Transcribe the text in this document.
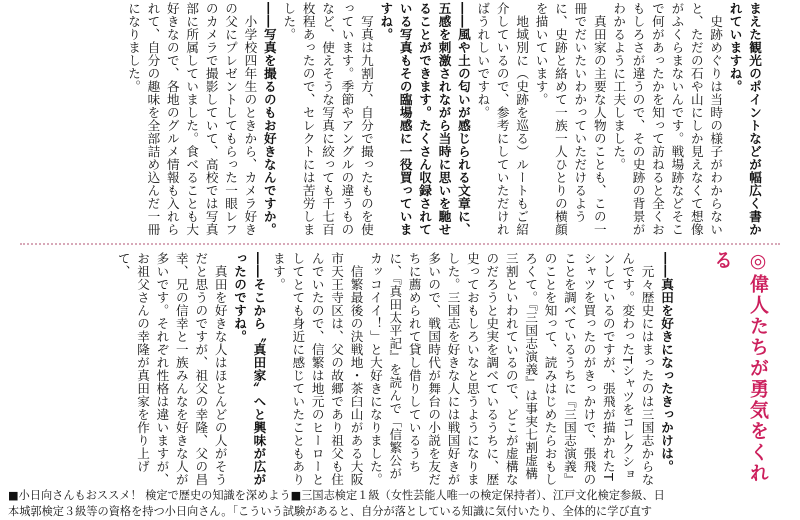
まえた観光のポイントなどが幅広く書かれていますね。

史跡めぐりは当時の様子がわからないと、ただの石や山にしか見えなくて想像がふくらまないんです。戦場跡などそこで何があったかを知って訪ねると全くおもしろさが違うので、その史跡の背景がわかるように工夫しました。

真田家の主要な人物のことも、この一冊でだいたいわかっていただけるように、史跡と絡めて一族一人ひとりの横顔を描いています。

地域別に（史跡を巡る）ルートもご紹介しているので、参考にしていただければうれしいですね。

――風や土の匂いが感じられる文章に、五感を刺激されながら当時に思いを馳せることができます。たくさん収録されている写真もその臨場感に一役買っていますね。

写真は九割方、自分で撮ったものを使っています。季節やアングルの違うものなど、使えそうな写真に絞っても千七百枚程あったので、セレクトには苦労しました。

――写真を撮るのもお好きなんですか。

小学校四年生のときから、カメラ好きの父にプレゼントしてもらった一眼レフのカメラで撮影していて、高校では写真部に所属していました。食べることも大好きなので、各地のグルメ情報も入れられて、自分の趣味を全部詰め込んだ一冊になりました。

◎偉人たちが勇気をくれる

――真田を好きになったきっかけは。

元々歴史にはまったのは三国志からなんです。変わったTシャツをコレクションしているのですが、張飛が描かれたTシャツを買ったのがきっかけで、張飛のことを調べているうちに『三国志演義』のことを知って、読みはじめたらおもしろくて。『三国志演義』は事実七割虚構三割といわれているので、どこが虚構なのだろうと史実を調べているうちに、歴史っておもしろいなと思うようになりました。三国志を好きな人には戦国好きが多いので、戦国時代が舞台の小説を友だちに薦められて貸し借りしているうちに、『真田太平記』を読んで「信繁公がカッコイイ！」と大好きになりました。

信繁最後の決戦地・茶臼山がある大阪市天王寺区は、父の故郷であり祖父も住んでいたので、信繁は地元のヒーローとしてとても身近に感じていたこともあります。

――そこから〝真田家〟へと興味が広がったのですね。

真田を好きな人はほとんどの人がそうだと思うのですが、祖父の幸隆、父の昌幸、兄の信幸と一族みんなを好きな人が多いです。それぞれ性格は違いますが、お祖父さんの幸隆が真田家を作り上げて、

■小日向さんもおススメ！ 検定で歴史の知識を深めよう■三国志検定１級（女性芸能人唯一の検定保持者）、江戸文化検定参級、日
本城郭検定３級等の資格を持つ小日向さん。「こういう試験があると、自分が落としている知識に気付いたり、全体的に学び直す
